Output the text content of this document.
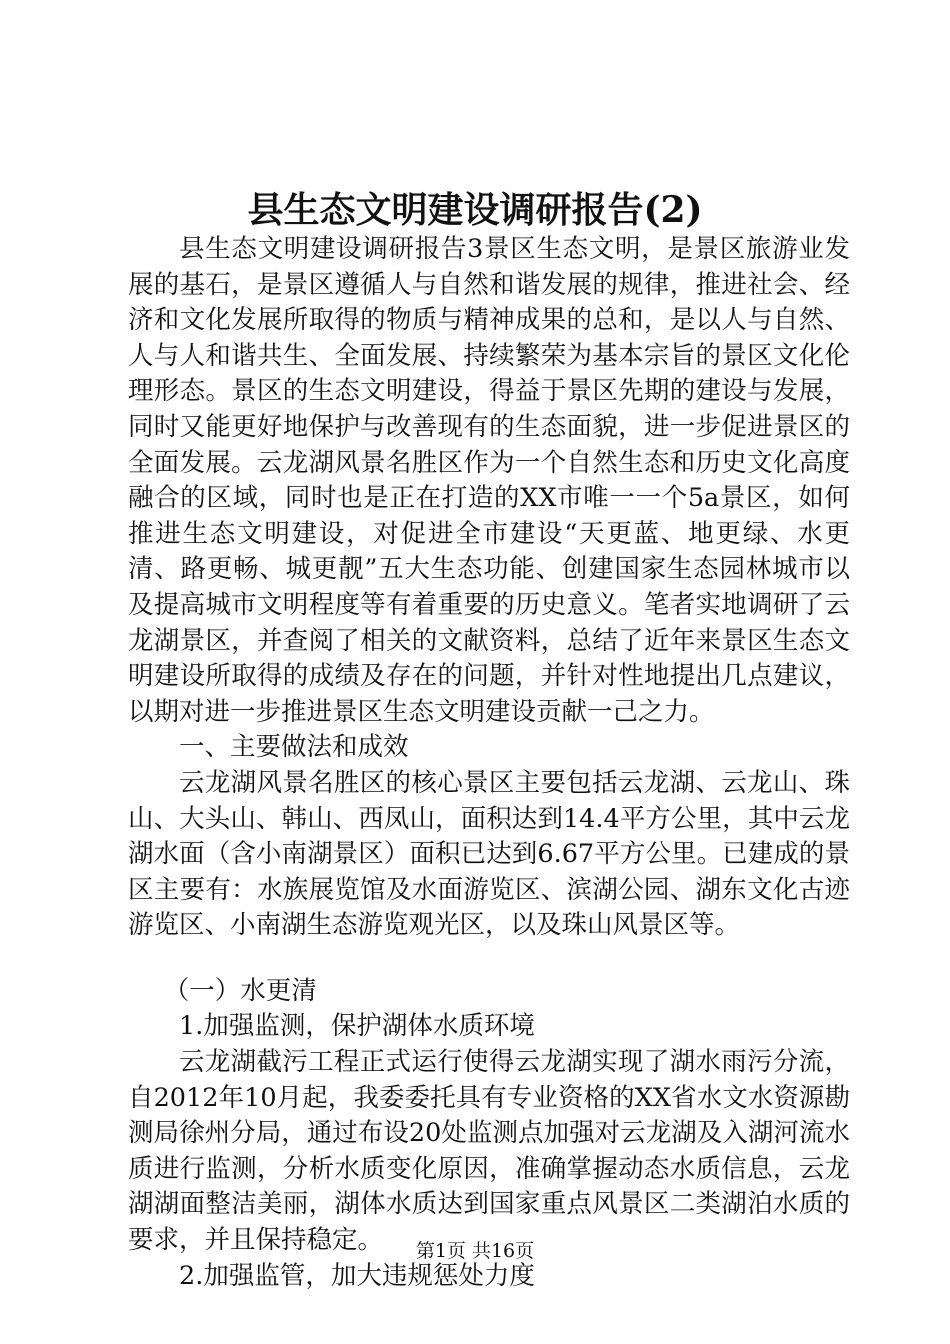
县生态文明建设调研报告(2)

县生态文明建设调研报告3景区生态文明，是景区旅游业发展的基石，是景区遵循人与自然和谐发展的规律，推进社会、经济和文化发展所取得的物质与精神成果的总和，是以人与自然、人与人和谐共生、全面发展、持续繁荣为基本宗旨的景区文化伦理形态。景区的生态文明建设，得益于景区先期的建设与发展，同时又能更好地保护与改善现有的生态面貌，进一步促进景区的全面发展。云龙湖风景名胜区作为一个自然生态和历史文化高度融合的区域，同时也是正在打造的XX市唯一一个5a景区，如何推进生态文明建设，对促进全市建设“天更蓝、地更绿、水更清、路更畅、城更靓”五大生态功能、创建国家生态园林城市以及提高城市文明程度等有着重要的历史意义。笔者实地调研了云龙湖景区，并查阅了相关的文献资料，总结了近年来景区生态文明建设所取得的成绩及存在的问题，并针对性地提出几点建议，以期对进一步推进景区生态文明建设贡献一己之力。

一、主要做法和成效

云龙湖风景名胜区的核心景区主要包括云龙湖、云龙山、珠山、大头山、韩山、西凤山，面积达到14.4平方公里，其中云龙湖水面（含小南湖景区）面积已达到6.67平方公里。已建成的景区主要有：水族展览馆及水面游览区、滨湖公园、湖东文化古迹游览区、小南湖生态游览观光区，以及珠山风景区等。

（一）水更清

1.加强监测，保护湖体水质环境

云龙湖截污工程正式运行使得云龙湖实现了湖水雨污分流，自2012年10月起，我委委托具有专业资格的XX省水文水资源勘测局徐州分局，通过布设20处监测点加强对云龙湖及入湖河流水质进行监测，分析水质变化原因，准确掌握动态水质信息，云龙湖湖面整洁美丽，湖体水质达到国家重点风景区二类湖泊水质的要求，并且保持稳定。

2.加强监管，加大违规惩处力度

第1页 共16页
